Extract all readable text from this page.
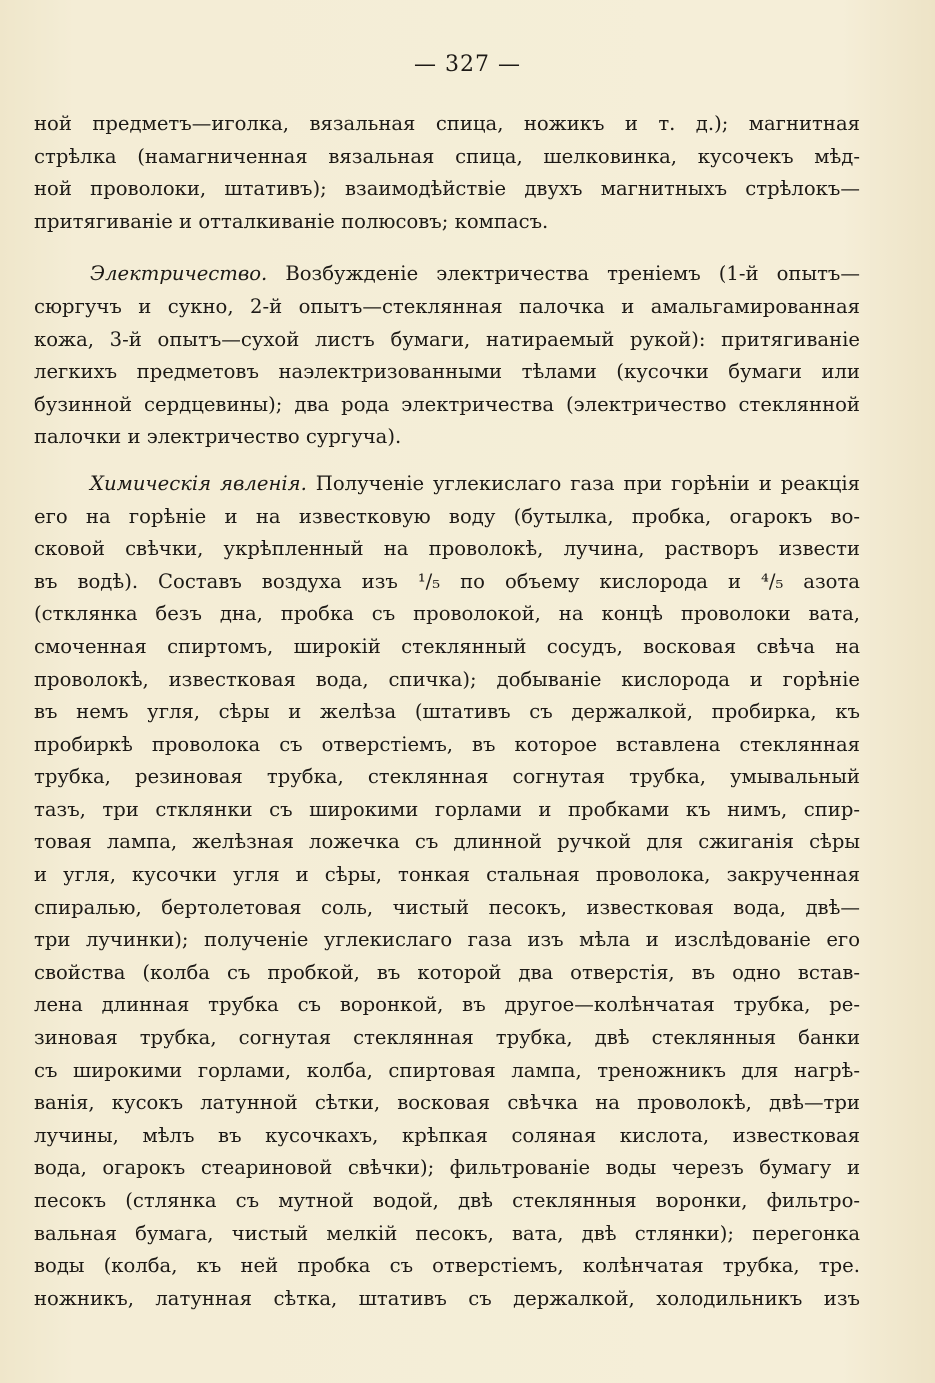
— 327 —
ной предметъ—иголка, вязальная спица, ножикъ и т. д.); магнитная
стрѣлка (намагниченная вязальная спица, шелковинка, кусочекъ мѣд-
ной проволоки, штативъ); взаимодѣйствіе двухъ магнитныхъ стрѣлокъ—
притягиваніе и отталкиваніе полюсовъ; компасъ.
Электричество. Возбужденіе электричества треніемъ (1-й опытъ—
сюргучъ и сукно, 2-й опытъ—стеклянная палочка и амальгамированная
кожа, 3-й опытъ—сухой листъ бумаги, натираемый рукой): притягиваніе
легкихъ предметовъ наэлектризованными тѣлами (кусочки бумаги или
бузинной сердцевины); два рода электричества (электричество стеклянной
палочки и электричество сургуча).
Химическія явленія. Полученіе углекислаго газа при горѣніи и реакція
его на горѣніе и на известковую воду (бутылка, пробка, огарокъ во-
сковой свѣчки, укрѣпленный на проволокѣ, лучина, растворъ извести
въ водѣ). Составъ воздуха изъ ¹/₅ по объему кислорода и ⁴/₅ азота
(стклянка безъ дна, пробка съ проволокой, на концѣ проволоки вата,
смоченная спиртомъ, широкій стеклянный сосудъ, восковая свѣча на
проволокѣ, известковая вода, спичка); добываніе кислорода и горѣніе
въ немъ угля, сѣры и желѣза (штативъ съ держалкой, пробирка, къ
пробиркѣ проволока съ отверстіемъ, въ которое вставлена стеклянная
трубка, резиновая трубка, стеклянная согнутая трубка, умывальный
тазъ, три стклянки съ широкими горлами и пробками къ нимъ, спир-
товая лампа, желѣзная ложечка съ длинной ручкой для сжиганія сѣры
и угля, кусочки угля и сѣры, тонкая стальная проволока, закрученная
спиралью, бертолетовая соль, чистый песокъ, известковая вода, двѣ—
три лучинки); полученіе углекислаго газа изъ мѣла и изслѣдованіе его
свойства (колба съ пробкой, въ которой два отверстія, въ одно встав-
лена длинная трубка съ воронкой, въ другое—колѣнчатая трубка, ре-
зиновая трубка, согнутая стеклянная трубка, двѣ стеклянныя банки
съ широкими горлами, колба, спиртовая лампа, треножникъ для нагрѣ-
ванія, кусокъ латунной сѣтки, восковая свѣчка на проволокѣ, двѣ—три
лучины, мѣлъ въ кусочкахъ, крѣпкая соляная кислота, известковая
вода, огарокъ стеариновой свѣчки); фильтрованіе воды черезъ бумагу и
песокъ (стлянка съ мутной водой, двѣ стеклянныя воронки, фильтро-
вальная бумага, чистый мелкій песокъ, вата, двѣ стлянки); перегонка
воды (колба, къ ней пробка съ отверстіемъ, колѣнчатая трубка, тре.
ножникъ, латунная сѣтка, штативъ съ держалкой, холодильникъ изъ
